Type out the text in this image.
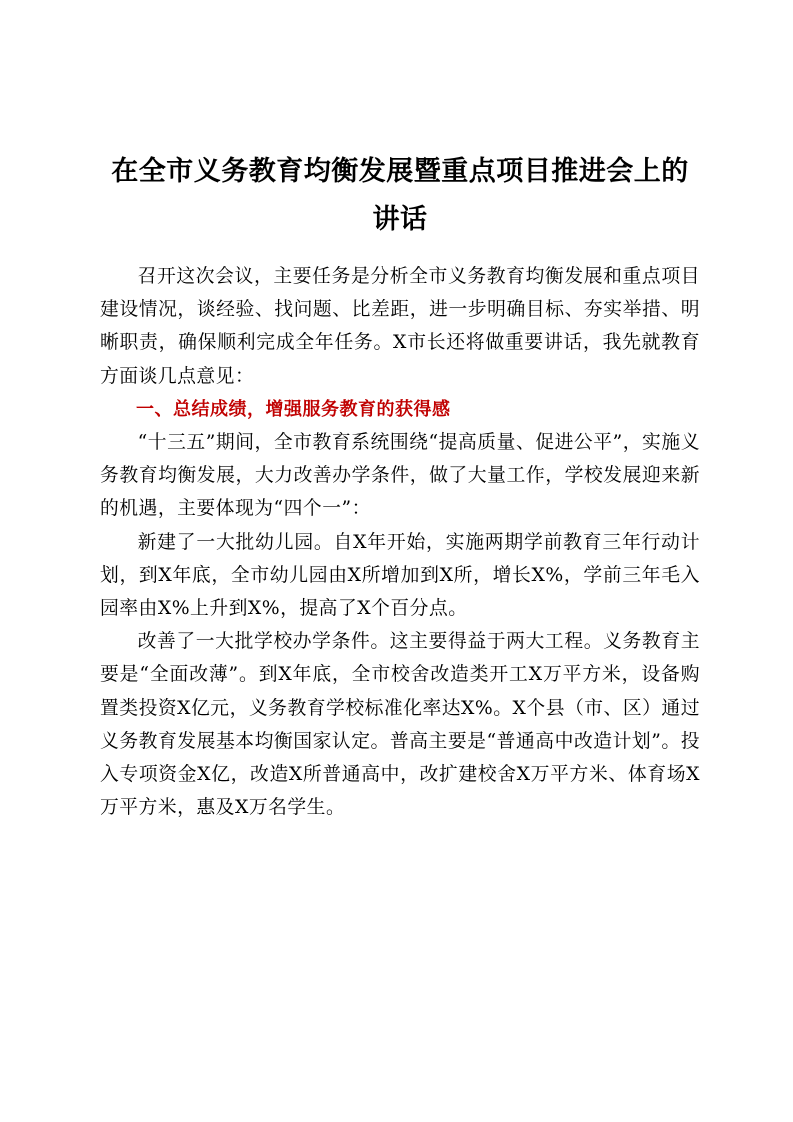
在全市义务教育均衡发展暨重点项目推进会上的讲话

召开这次会议，主要任务是分析全市义务教育均衡发展和重点项目建设情况，谈经验、找问题、比差距，进一步明确目标、夯实举措、明晰职责，确保顺利完成全年任务。X市长还将做重要讲话，我先就教育方面谈几点意见：

一、总结成绩，增强服务教育的获得感

“十三五”期间，全市教育系统围绕“提高质量、促进公平”，实施义务教育均衡发展，大力改善办学条件，做了大量工作，学校发展迎来新的机遇，主要体现为“四个一”：

新建了一大批幼儿园。自X年开始，实施两期学前教育三年行动计划，到X年底，全市幼儿园由X所增加到X所，增长X%，学前三年毛入园率由X%上升到X%，提高了X个百分点。

改善了一大批学校办学条件。这主要得益于两大工程。义务教育主要是“全面改薄”。到X年底，全市校舍改造类开工X万平方米，设备购置类投资X亿元，义务教育学校标准化率达X%。X个县（市、区）通过义务教育发展基本均衡国家认定。普高主要是“普通高中改造计划”。投入专项资金X亿，改造X所普通高中，改扩建校舍X万平方米、体育场X万平方米，惠及X万名学生。
